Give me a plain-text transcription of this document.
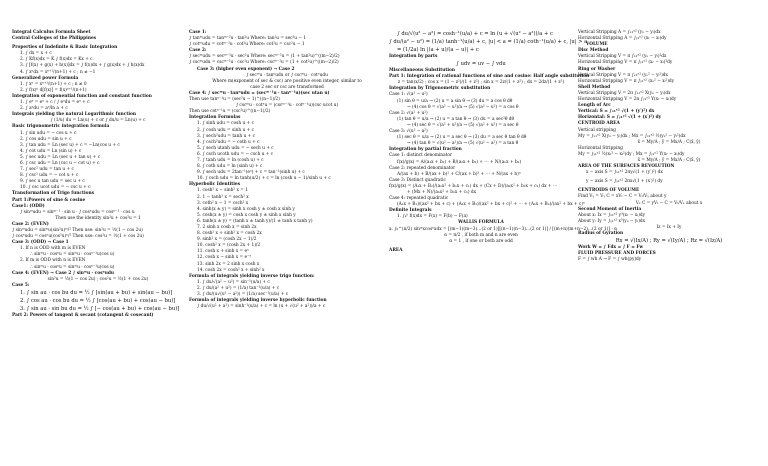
Integral Calculus Formula Sheet
Central Colleges of the Philippines
Properties of Indefinite & Basic Integration
1. ∫ dx = x + c
2. ∫ Kf(x)dx = K ∫ f(x)dx = Kx + c
3. ∫ [f(x) + g(x) + h(x)]dx = ∫ f(x)dx + ∫ g(x)dx + ∫ h(x)dx
4. ∫ xⁿdx = xⁿ⁺¹/(n+1) + c ; n ≠ −1
Generalized power Formula
1. ∫ xⁿ = xⁿ⁺¹/(n+1) + c ; n ≠ 0
2. ∫ f(x)ⁿ d[f(x)] = f(x)ⁿ⁺¹/(n+1)
Integration of exponential function and constant function
1. ∫ eᵘ = eᵘ + c / ∫ eᵘdu = eᵘ + c
2. ∫ aᵘdu = aᵘ/ln a + c
Integrals yielding the natural Logarithmic function
∫ (1/u) du = Ln(u) + c or ∫ du/u = Ln(u) + c
Basic trigonometric integration formula
1. ∫ sin udu = − cos u + c
2. ∫ cos udu = sin u + c
3. ∫ tan udu = Ln (sec u) + c = −Ln(cos u + c
4. ∫ cot udu = Ln (sin u) + c
5. ∫ sec udu = Ln (sec u + tan u) + c
6. ∫ csc udu = Ln (csc u − cot u) + c
7. ∫ sec² udu = tan u + c
8. ∫ csc² udu = − cot u + c
9. ∫ sec u tan udu = sec u + c
10. ∫ csc ucot udu = − csc u + c
Transformation of Trigo functions
Part 1:Powers of sine & cosine
Case1: (ODD)
∫ sinᵐudu = sinᵐ⁻¹ · sin u · ∫ cosⁿudu = cosⁿ⁻¹ · cos u
Then use the identity sin²u + cos²u = 1
Case 2: (EVEN)
∫ sinᵐudu = sinᵐu(sin²u)ᵐ/² Then use: sin²u = ½(1 − cos 2u)
∫ cosⁿudu = cosⁿu(cos²u)ⁿ/² Then use: cos²u = ½(1 + cos 2u)
Case 3: (ODD) → Case 1
1. If n is ODD with m is EVEN
∴ sinᵐu · cosⁿu = sinᵐu · cosⁿ⁻¹u(cos u)
2. If m is ODD with n is EVEN
∴ sinᵐu · cosⁿu = sinᵐu · cosⁿ⁻¹u(cos u)
Case 4: (EVEN) → Case 2 ∫ sinᵐu · cosⁿudu
sin²u = ½(1 − cos 2u) ; cos²u = ½(1 + cos 2u)
Case 5:
1. ∫ sin au · cos bu du = ½ ∫ [sin(au + bu) + sin(au − bu)]
2. ∫ cos au · cos bu du = ½ ∫ [cos(au + bu) + cos(au − bu)]
3. ∫ sin au · sin bu du = ½ ∫ [− cos(au + bu) + cos(au − bu)]
Part 2: Powers of tangent & secant (cotangent & cosecant)
Case 1:
∫ tanᵐudu = tanᵐ⁻²u · tan²u Where: tan²u = sec²u − 1
∫ cotᵐudu = cotᵐ⁻²u · cot²u Where: cot²u = csc²u − 1
Case 2:
∫ secᵐudu = secᵐ⁻²u · sec²u Where: secᵐ⁻²u = (1 + tan²u)^((m−2)/2)
∫ cscᵐudu = cscᵐ⁻²u · csc²u Where: cscᵐ⁻²u = (1 + cot²u)^((m−2)/2)
Case 3: (higher even exponent) → Case 2
∫ secᵐu · tanⁿudu or ∫ cscᵐu · cotⁿudu
Where m(exponent of sec & csc) are positive even integer, similar to
case 2 sec or csc are transformed
Case 4: ∫ secᵐu · tanⁿudu = (secᵐ⁻¹u · tanⁿ⁻¹u)(sec utan u)
Then use tanⁿ⁻¹u = (sec²u − 1)^((n−1)/2)
∫ cscᵐu · cotⁿu = (cscᵐ⁻¹u · cotⁿ⁻¹u)(csc ucot u)
Then use cotⁿ⁻¹u = (csc²u)^((n−1)/2)
Integration Formulas
1. ∫ sinh udu = cosh u + c
2. ∫ cosh udu = sinh u + c
3. ∫ sech²udu = tanh u + c
4. ∫ csch²udu = − coth u + c
5. ∫ sech utanh udu = − sech u + c
6. ∫ csch ucoth udu = − csch u + c
7. ∫ tanh udu = ln (cosh u) + c
8. ∫ coth udu = ln (sinh u) + c
9. ∫ sech udu = 2tan⁻¹(eᵘ) + c = tan⁻¹(sinh u) + c
10. ∫ csch udu = ln tanh(u/2) + c = ln (cosh u − 1)/sinh u + c
Hyperbolic Identities
1. cosh² x − sinh² x = 1
2. 1 − tanh² x = sech² x
3. coth² x − 1 = csch² x
4. sinh(x ± y) = sinh x cosh y ± cosh x sinh y
5. cosh(x ± y) = cosh x cosh y ± sinh x sinh y
6. tanh(x ± y) = (tanh x ± tanh y)/(1 ± tanh x tanh y)
7. 2 sinh x cosh x = sinh 2x
8. cosh² x + sinh² x = cosh 2x
9. sinh² x = (cosh 2x − 1)/2
10. cosh² x = (cosh 2x + 1)/2
11. cosh x + sinh x = eˣ
12. cosh x − sinh x = e⁻ˣ
13. sinh 2x = 2 sinh x cosh x
14. cosh 2x = cosh² x + sinh² x
Formula of integrals yielding inverse trigo function:
1. ∫ du/√(a² − u²) = sin⁻¹(u/a) + c
2. ∫ du/(a² + u²) = (1/a) tan⁻¹(u/a) + c
3. ∫ du/(u√(u² − a²)) = (1/a) sec⁻¹(u/a) + c
Formula of integrals yielding inverse hyperbolic function
∫ du/√(u² + a²) = sinh⁻¹(u/a) + c = ln (u + √(u² + a²))/a + c
∫ du/√(u² − a²) = cosh⁻¹(u/a) + c = ln (u + √(u² − a²))/a + c
∫ du/(a² − u²) = (1/a) tanh⁻¹(u/a) + c, |u| < a = (1/a) coth⁻¹(u/a) + c, |u| > a
= (1/2a) ln |(a + u)/(a − u)| + c
Integration by parts
∫ udv = uv − ∫ vdu
Miscellaneous Substitution
Part 1: Integration of rational functions of sine and cosine: Half angle substitution
z = tan(x/2) ; cos x = (1 − z²)/(1 + z²) ; sin x = 2z/(1 + z²) ; dx = 2dz/(1 + z²)
Integration by Trigonometric substitution
Case 1: √(a² − u²)
(1) sin θ = u/a → (2) u = a sin θ → (3) du = a cos θ dθ
→ (4) cos θ = √(a² − u²)/a → (5) √(a² − u²) = a cos θ
Case 2: √(a² + u²)
(1) tan θ = u/a → (2) u = a tan θ → (3) du = a sec²θ dθ
→ (4) sec θ = √(a² + u²)/a → (5) √(a² + u²) = a sec θ
Case 3: √(u² − a²)
(1) sec θ = u/a → (2) u = a sec θ → (3) du = a sec θ tan θ dθ
→ (4) tan θ = √(u² − a²)/a → (5) √(u² − a²) = a tan θ
Integration by partial fraction
Case 1: distinct denominator
f(x)/g(x) = A/(a₁x + b₁) + B/(a₂x + b₂) + ⋯ + N/(aₙx + bₙ)
Case 2: repeated denominator
A/(ax + b) + B/(ax + b)² + C/(ax + b)³ + ⋯ + N/(ax + b)ⁿ
Case 3: Distinct quadratic
f(x)/g(x) = (A₁x + B₁)/(a₁x² + b₁x + c₁) dx + (Cx + D)/(a₂x² + b₂x + c₂) dx + ⋯
+ (Mx + N)/(aₙx² + bₙx + cₙ) dx
Case 4: repeated quadratic
(A₁x + B₁)/(ax² + bx + c) + (A₂x + B₂)/(ax² + bx + c)² + ⋯ + (Aₙx + Bₙ)/(ax² + bx + c)ⁿ
Definite Integrals
1. ∫ₐᵇ f(x)dx = F(x) = F(b) − F(a)
WALLIS FORMULA
a. ∫₀^(π/2) sinᵐxcosⁿxdx = [(m−1)(m−3)…(2 or 1)][(n−1)(n−3)…(2 or 1)] / [(m+n)(m+n−2)…(2 or 1)] · α
α = π/2 , if both m and n are even
α = 1 , if one or both are odd
AREA
Vertical Stripping A = ∫ₓ₁ˣ² (yᵤ − yₗ)dx
Horizontal Stripping A = ∫ᵧ₁ʸ² (xᵣ − xₗ)dy
VOLUME
Disc Method
Vertical Stripping V = π ∫ₓ₁ˣ² (yᵤ − yₗ)²dx
Horizontal Stripping V = π ∫ᵧ₁ʸ² (xᵣ − xₗ)²dy
Ring or Washer
Vertical Stripping V = π ∫ₓ₁ˣ² (yₒ² − yᵢ²)dx
Horizontal Stripping V = π ∫ᵧ₁ʸ² (xₒ² − xᵢ²)dy
Shell Method
Vertical Stripping V = 2π ∫ₓ₁ˣ² X(yᵤ − yₗ)dx
Horizontal Stripping V = 2π ∫ᵧ₁ʸ² Y(xᵣ − xₗ)dy
Length of Arc
Vertical: S = ∫ₓ₁ˣ² √(1 + (y′)²) dx
Horizontal: S = ∫ᵧ₁ʸ² √(1 + (x′)²) dy
CENTROID AREA
Vertical stripping
My = ∫ₓ₁ˣ² X(yᵤ − yₗ)dx ; Mx = ∫ₓ₁ˣ² ½(yᵤ² − yₗ²)dx
x̄ = My/A ; ȳ = Mx/A ; C(x̄, ȳ)
Horizontal Stripping
My = ∫ᵧ₁ʸ² ½(xᵣ² − xₗ²)dy ; Mx = ∫ᵧ₁ʸ² Y(xᵣ − xₗ)dy
x̄ = My/A ; ȳ = Mx/A ; C(x̄, ȳ)
AREA OF THE SURFACES REVOLUTION
x − axis S = ∫ₓ₁ˣ² 2πy√(1 + (y′)²) dx
y − axis S = ∫ᵧ₁ʸ² 2πx√(1 + (x′)²) dy
CENTROIDS OF VOLUME
Find Vᵧ = Vᵧ C = xVₜ − C = Vₜ/Vᵧ about y
Vₓ C = yVₜ − C = Vₜ/Vₓ about x
Second Moment of Inertia
About x: Ix = ∫ₓ₁ˣ² y³(xᵣ − xₗ)dy
About y: Iy = ∫ᵧ₁ʸ² x³(yᵤ − yₗ)dx
Iz = Ix + Iy
Radius of Gyration
Rx = √(Ix/A) ; Ry = √(Iy/A) ; Rz = √(Iz/A)
Work W = ∫ Fdx = ∫ F = Fw
FLUID PRESSURE AND FORCES
F = ∫ wh A → F = ∫ wh(py)dy
